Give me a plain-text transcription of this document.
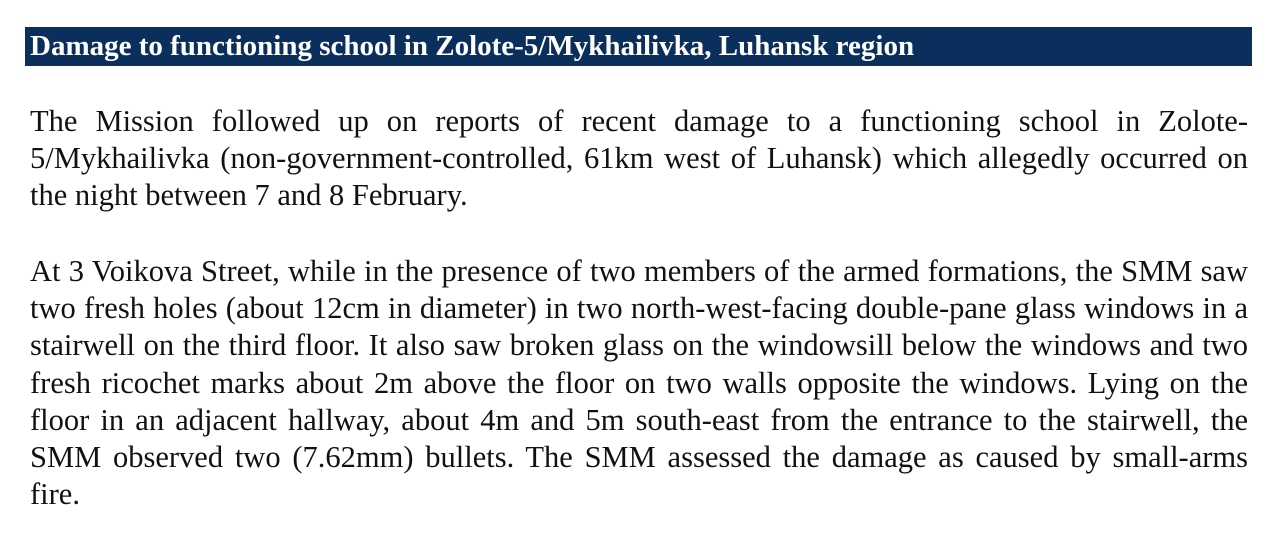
Damage to functioning school in Zolote-5/Mykhailivka, Luhansk region

The Mission followed up on reports of recent damage to a functioning school in Zolote-5/Mykhailivka (non-government-controlled, 61km west of Luhansk) which allegedly occurred on the night between 7 and 8 February.

At 3 Voikova Street, while in the presence of two members of the armed formations, the SMM saw two fresh holes (about 12cm in diameter) in two north-west-facing double-pane glass windows in a stairwell on the third floor. It also saw broken glass on the windowsill below the windows and two fresh ricochet marks about 2m above the floor on two walls opposite the windows. Lying on the floor in an adjacent hallway, about 4m and 5m south-east from the entrance to the stairwell, the SMM observed two (7.62mm) bullets. The SMM assessed the damage as caused by small-arms fire.
